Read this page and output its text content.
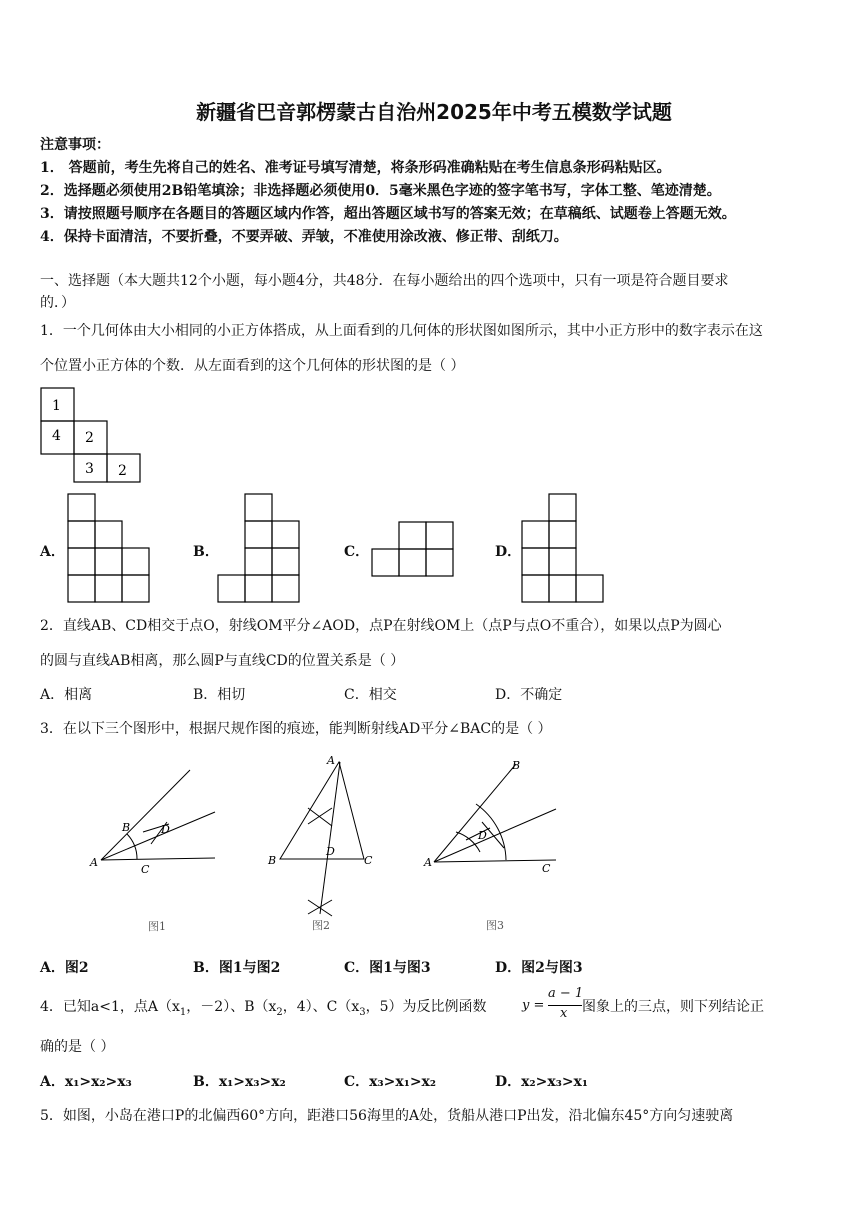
新疆省巴音郭楞蒙古自治州2025年中考五模数学试题
注意事项：
1． 答题前，考生先将自己的姓名、准考证号填写清楚，将条形码准确粘贴在考生信息条形码粘贴区。
2．选择题必须使用2B铅笔填涂；非选择题必须使用0．5毫米黑色字迹的签字笔书写，字体工整、笔迹清楚。
3．请按照题号顺序在各题目的答题区域内作答，超出答题区域书写的答案无效；在草稿纸、试题卷上答题无效。
4．保持卡面清洁，不要折叠，不要弄破、弄皱，不准使用涂改液、修正带、刮纸刀。
一、选择题（本大题共12个小题，每小题4分，共48分．在每小题给出的四个选项中，只有一项是符合题目要求
的．）
1．一个几何体由大小相同的小正方体搭成，从上面看到的几何体的形状图如图所示，其中小正方形中的数字表示在这
个位置小正方体的个数．从左面看到的这个几何体的形状图的是（ ）
1
4 2
3 2
A．	B．	C．	D．
2．直线AB、CD相交于点O，射线OM平分∠AOD，点P在射线OM上（点P与点O不重合），如果以点P为圆心
的圆与直线AB相离，那么圆P与直线CD的位置关系是（ ）
A．相离	B．相切	C．相交	D．不确定
3．在以下三个图形中，根据尺规作图的痕迹，能判断射线AD平分∠BAC的是（ ）
B	D
A
C
图1
A
B
D
C
图2
B
D
A	C
图3
A．图2	B．图1与图2	C．图1与图3	D．图2与图3
4．已知a<1，点$A(x_1$，－2）、$B(x_2$，4）、$C(x_3$，5）为反比例函数	y =
a − 1
x 图象上的三点，则下列结论正
确的是（ ）
A．x₁>x₂>x₃	B．x₁>x₃>x₂	C．x₃>x₁>x₂	D．x₂>x₃>x₁
5．如图，小岛在港口P的北偏西60°方向，距港口56海里的A处，货船从港口P出发，沿北偏东45°方向匀速驶离
